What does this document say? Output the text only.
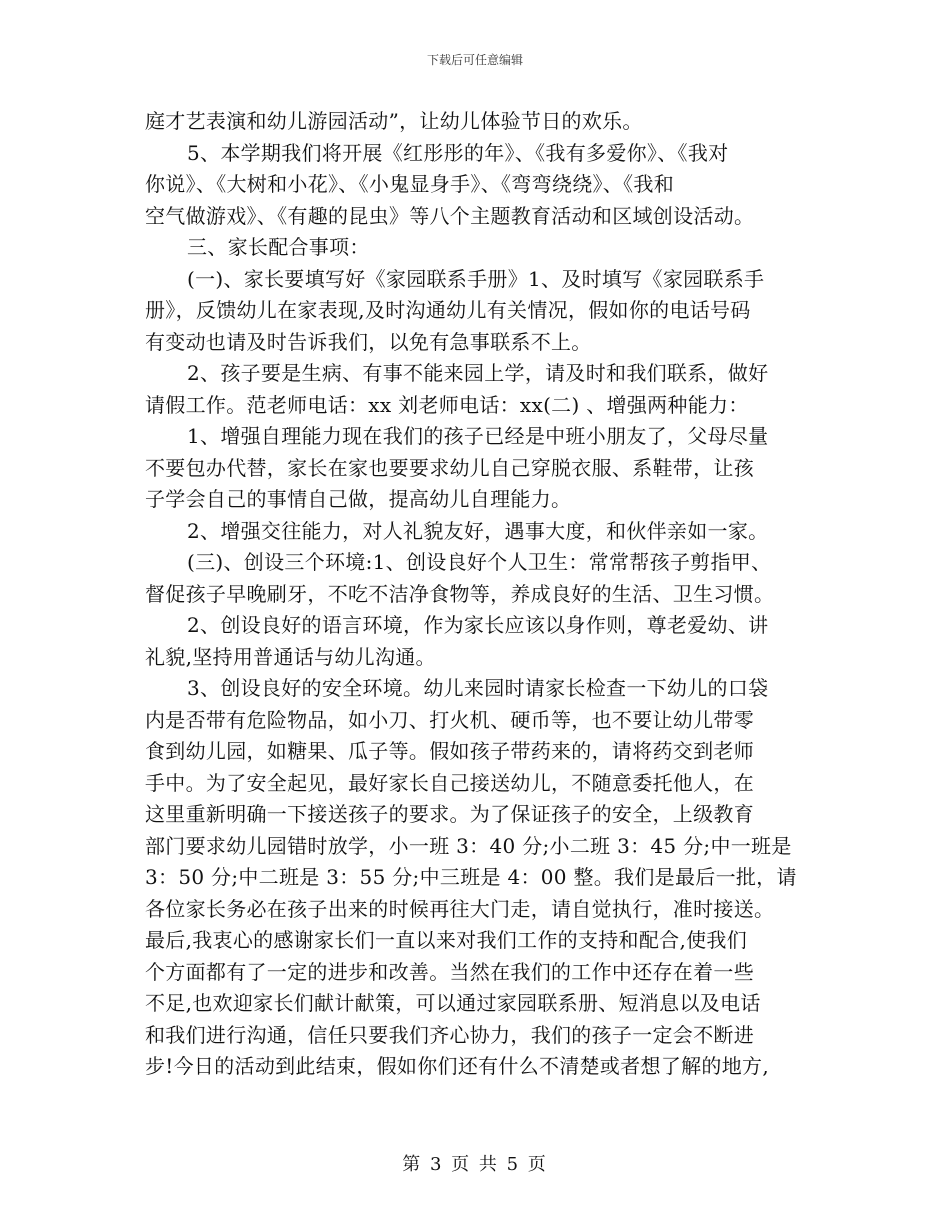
下载后可任意编辑
庭才艺表演和幼儿游园活动”，让幼儿体验节日的欢乐。
5、本学期我们将开展《红彤彤的年》、《我有多爱你》、《我对
你说》、《大树和小花》、《小鬼显身手》、《弯弯绕绕》、《我和
空气做游戏》、《有趣的昆虫》等八个主题教育活动和区域创设活动。
三、家长配合事项：
(一)、家长要填写好《家园联系手册》1、及时填写《家园联系手
册》，反馈幼儿在家表现,及时沟通幼儿有关情况，假如你的电话号码
有变动也请及时告诉我们，以免有急事联系不上。
2、孩子要是生病、有事不能来园上学，请及时和我们联系，做好
请假工作。范老师电话：xx 刘老师电话：xx(二) 、增强两种能力：
1、增强自理能力现在我们的孩子已经是中班小朋友了，父母尽量
不要包办代替，家长在家也要要求幼儿自己穿脱衣服、系鞋带，让孩
子学会自己的事情自己做，提高幼儿自理能力。
2、增强交往能力，对人礼貌友好，遇事大度，和伙伴亲如一家。
(三)、创设三个环境:1、创设良好个人卫生：常常帮孩子剪指甲、
督促孩子早晚刷牙，不吃不洁净食物等，养成良好的生活、卫生习惯。
2、创设良好的语言环境，作为家长应该以身作则，尊老爱幼、讲
礼貌,坚持用普通话与幼儿沟通。
3、创设良好的安全环境。幼儿来园时请家长检查一下幼儿的口袋
内是否带有危险物品，如小刀、打火机、硬币等，也不要让幼儿带零
食到幼儿园，如糖果、瓜子等。假如孩子带药来的，请将药交到老师
手中。为了安全起见，最好家长自己接送幼儿，不随意委托他人，在
这里重新明确一下接送孩子的要求。为了保证孩子的安全，上级教育
部门要求幼儿园错时放学，小一班 3：40 分;小二班 3：45 分;中一班是
3：50 分;中二班是 3：55 分;中三班是 4：00 整。我们是最后一批，请
各位家长务必在孩子出来的时候再往大门走，请自觉执行，准时接送。
最后,我衷心的感谢家长们一直以来对我们工作的支持和配合,使我们
个方面都有了一定的进步和改善。当然在我们的工作中还存在着一些
不足,也欢迎家长们献计献策，可以通过家园联系册、短消息以及电话
和我们进行沟通，信任只要我们齐心协力，我们的孩子一定会不断进
步!今日的活动到此结束，假如你们还有什么不清楚或者想了解的地方,
第 3 页 共 5 页
